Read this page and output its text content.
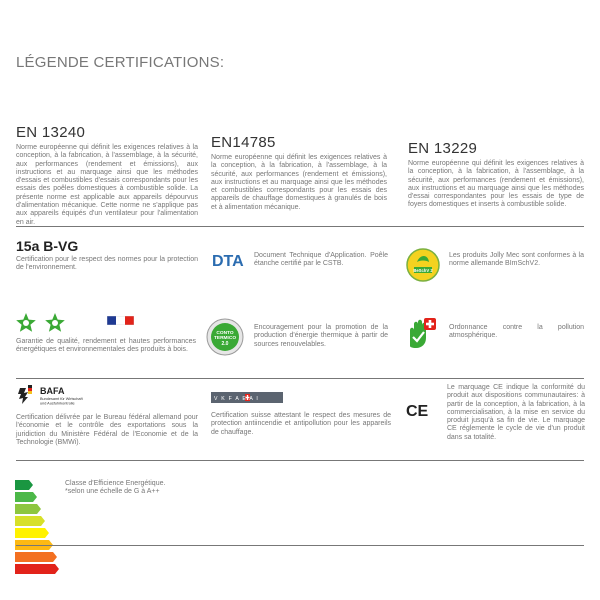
LÉGENDE CERTIFICATIONS:
EN 13240
Norme européenne qui définit les exigences relatives à la conception, à la fabrication, à l'assemblage, à la sécurité, aux performances (rendement et émissions), aux instructions et au marquage ainsi que les méthodes d'essais et combustibles d'essais correspondants pour les essais des poêles domestiques à combustible solide. La présente norme est applicable aux appareils dépourvus d'alimentation mécanique. Cette norme ne s'applique pas aux appareils équipés d'un ventilateur pour l'alimentation en air.
EN14785
Norme européenne qui définit les exigences relatives à la conception, à la fabrication, à l'assemblage, à la sécurité, aux performances (rendement et émissions), aux instructions et au marquage ainsi que les méthodes et combustibles correspondants pour les essais des appareils de chauffage domestiques à granulés de bois et à alimentation mécanique.
EN 13229
Norme européenne qui définit les exigences relatives à la conception, à la fabrication, à l'assemblage, à la sécurité, aux performances (rendement et émissions), aux instructions et au marquage ainsi que les méthodes d'essai correspondantes pour les essais de type de foyers domestiques et inserts à combustible solide.
15a B-VG
Certification pour le respect des normes pour la protection de l'environnement.	DTA Document Technique d'Application. Poêle étanche certifié par le CSTB.
BeSchV 2
Les produits Jolly Mec sont conformes à la norme allemande BImSchV2.
Garantie de qualité, rendement et hautes performances énergétiques et environnementales des produits à bois.
CONTO
TERMICO
2.0
Encouragement pour la promotion de la production d'énergie thermique à partir de sources renouvelables.
Ordonnance contre la pollution atmosphérique.
BAFA
Bundesamt für Wirtschaft
und Ausfuhrkontrolle
Certification délivrée par le Bureau fédéral allemand pour l'économie et le contrôle des exportations sous la juridiction du Ministère Fédéral de l'Economie et de la Technologie (BMWi).
V K F A E A I
Certification suisse attestant le respect des mesures de protection antiincendie et antipollution pour les appareils de chauffage.
CE
Le marquage CE indique la conformité du produit aux dispositions communautaires: à partir de la conception, à la fabrication, à la commercialisation, à la mise en service du produit jusqu'à sa fin de vie. Le marquage CE réglemente le cycle de vie d'un produit dans sa totalité.
Classe d'Efficience Energétique.
*selon une échelle de G à A++
